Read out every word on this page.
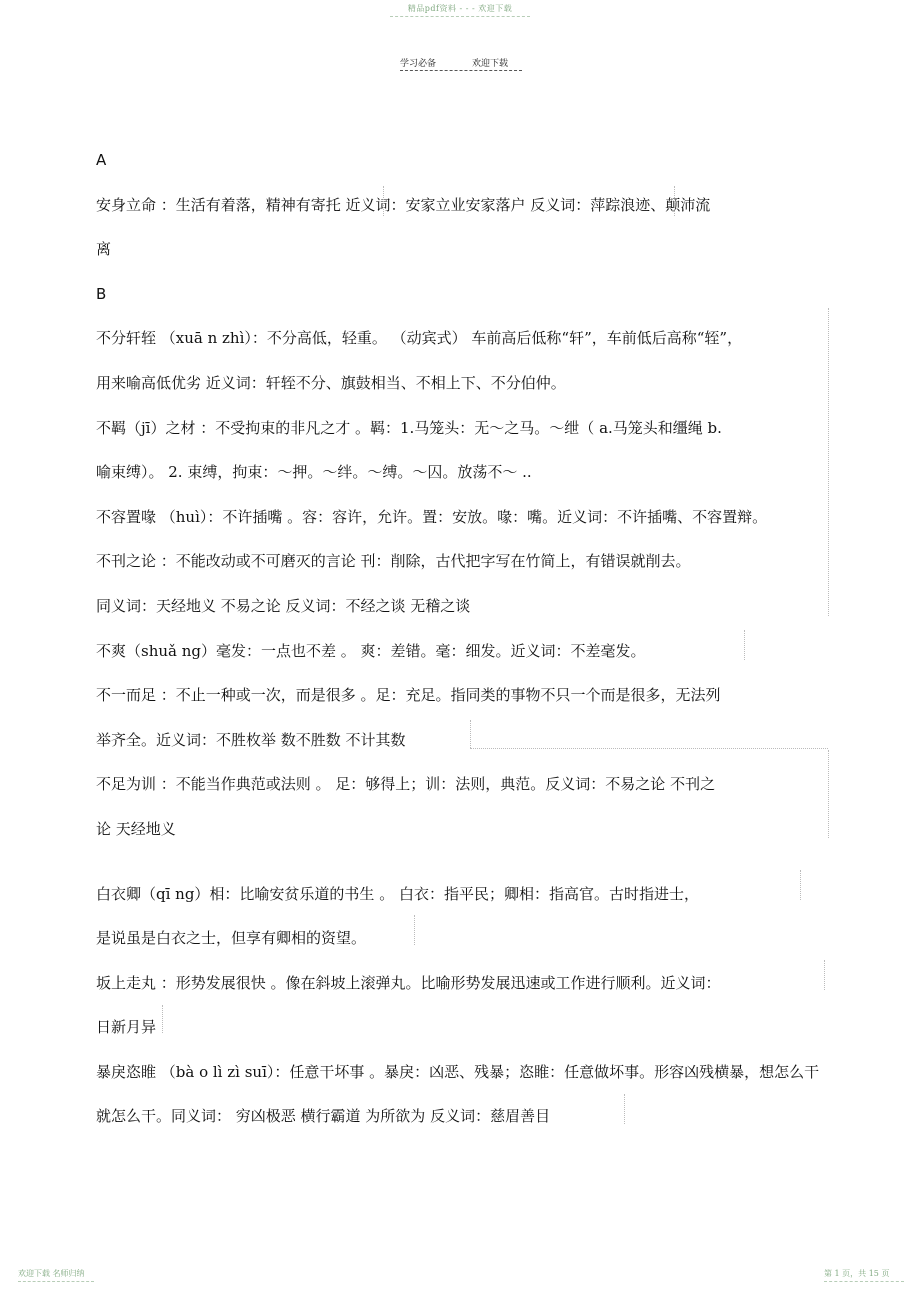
精品pdf资料 - - - 欢迎下载
学习必备	欢迎下载
A
安身立命 ：生活有着落，精神有寄托 近义词：安家立业安家落户 反义词：萍踪浪迹、颠沛流
离
B
不分轩轾 （xuā n zhì）：不分高低，轻重。 （动宾式） 车前高后低称“轩”，车前低后高称“轾”，
用来喻高低优劣 近义词：轩轾不分、旗鼓相当、不相上下、不分伯仲。
不羁（jī）之材 ：不受拘束的非凡之才 。羁：1.马笼头：无～之马。～绁（ a.马笼头和缰绳 b.
喻束缚）。 2. 束缚，拘束：～押。～绊。～缚。～囚。放荡不～ ..
不容置喙 （huì）：不许插嘴 。容：容许，允许。置：安放。喙：嘴。近义词：不许插嘴、不容置辩。
不刊之论 ：不能改动或不可磨灭的言论 刊：削除，古代把字写在竹简上，有错误就削去。
同义词：天经地义 不易之论 反义词：不经之谈 无稽之谈
不爽（shuǎ ng）毫发：一点也不差 。 爽：差错。毫：细发。近义词：不差毫发。
不一而足 ：不止一种或一次，而是很多 。足：充足。指同类的事物不只一个而是很多，无法列
举齐全。近义词：不胜枚举 数不胜数 不计其数
不足为训 ：不能当作典范或法则 。 足：够得上；训：法则，典范。反义词：不易之论 不刊之
论 天经地义
白衣卿（qī ng）相：比喻安贫乐道的书生 。 白衣：指平民；卿相：指高官。古时指进士，
是说虽是白衣之士，但享有卿相的资望。
坂上走丸 ：形势发展很快 。像在斜坡上滚弹丸。比喻形势发展迅速或工作进行顺利。近义词：
日新月异
暴戾恣睢 （bà o lì zì suī）：任意干坏事 。暴戾：凶恶、残暴；恣睢：任意做坏事。形容凶残横暴，想怎么干
就怎么干。同义词： 穷凶极恶 横行霸道 为所欲为 反义词：慈眉善目
欢迎下载 名师归纳	第 1 页，共 15 页
